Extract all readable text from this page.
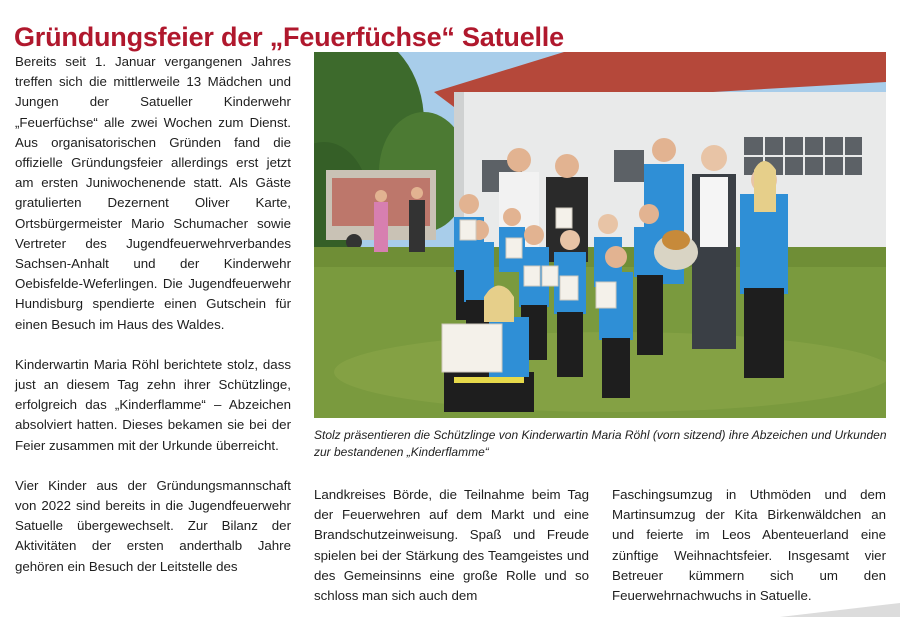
Gründungsfeier der „Feuerfüchse“ Satuelle

Bereits seit 1. Januar vergangenen Jahres treffen sich die mittlerweile 13 Mädchen und Jungen der Satueller Kinderwehr „Feuerfüchse“ alle zwei Wochen zum Dienst. Aus organisatorischen Gründen fand die offizielle Gründungsfeier allerdings erst jetzt am ersten Juniwochenende statt. Als Gäste gratulierten Dezernent Oliver Karte, Ortsbürgermeister Mario Schumacher sowie Vertreter des Jugendfeuerwehrverbandes Sachsen-Anhalt und der Kinderwehr Oebisfelde-Weferlingen. Die Jugendfeuerwehr Hundisburg spendierte einen Gutschein für einen Besuch im Haus des Waldes.

Kinderwartin Maria Röhl berichtete stolz, dass just an diesem Tag zehn ihrer Schützlinge, erfolgreich das „Kinderflamme“ – Abzeichen absolviert hatten. Dieses bekamen sie bei der Feier zusammen mit der Urkunde überreicht.

Vier Kinder aus der Gründungsmannschaft von 2022 sind bereits in die Jugendfeuerwehr Satuelle übergewechselt. Zur Bilanz der Aktivitäten der ersten anderthalb Jahre gehören ein Besuch der Leitstelle des

Stolz präsentieren die Schützlinge von Kinderwartin Maria Röhl (vorn sitzend) ihre Abzeichen und Urkunden zur bestandenen „Kinderflamme“

Landkreises Börde, die Teilnahme beim Tag der Feuerwehren auf dem Markt und eine Brandschutzeinweisung. Spaß und Freude spielen bei der Stärkung des Teamgeistes und des Gemeinsinns eine große Rolle und so schloss man sich auch dem

Faschingsumzug in Uthmöden und dem Martinsumzug der Kita Birkenwäldchen an und feierte im Leos Abenteuerland eine zünftige Weihnachtsfeier. Insgesamt vier Betreuer kümmern sich um den Feuerwehrnachwuchs in Satuelle.
